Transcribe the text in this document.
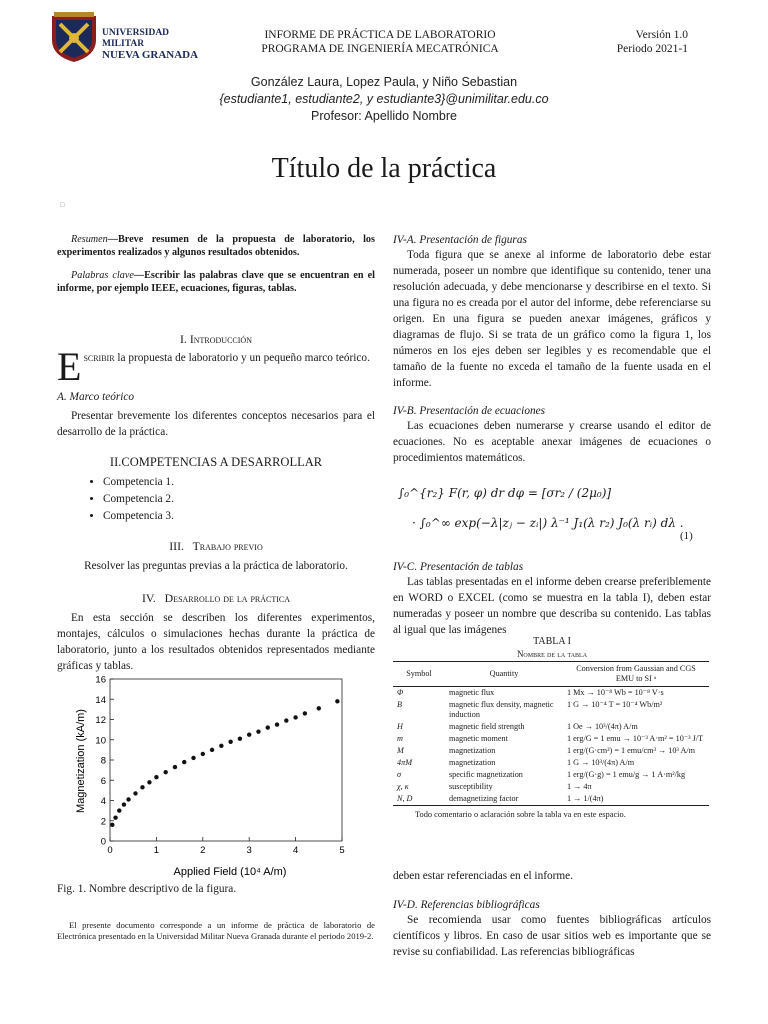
UNIVERSIDAD MILITAR
NUEVA GRANADA
INFORME DE PRÁCTICA DE LABORATORIO
PROGRAMA DE INGENIERÍA MECATRÓNICA
Versión 1.0
Periodo 2021-1
González Laura, Lopez Paula, y Niño Sebastian
{estudiante1, estudiante2, y estudiante3}@unimilitar.edu.co
Profesor: Apellido Nombre
Título de la práctica
□
Resumen—Breve resumen de la propuesta de laboratorio, los experimentos realizados y algunos resultados obtenidos.
Palabras clave—Escribir las palabras clave que se encuentran en el informe, por ejemplo IEEE, ecuaciones, figuras, tablas.
I. Introducción
Escribir la propuesta de laboratorio y un pequeño marco teórico.
A. Marco teórico
Presentar brevemente los diferentes conceptos necesarios para el desarrollo de la práctica.
II.COMPETENCIAS A DESARROLLAR
• Competencia 1.
• Competencia 2.
• Competencia 3.
III.   Trabajo previo
Resolver las preguntas previas a la práctica de laboratorio.
IV.   Desarrollo de la práctica
En esta sección se describen los diferentes experimentos, montajes, cálculos o simulaciones hechas durante la práctica de laboratorio, junto a los resultados obtenidos representados mediante gráficas y tablas.
0	1	2	3	4	5
0
2
4
6
8
10
12
14
16
Magnetization (kA/m)
Applied Field (10⁴ A/m)
Fig. 1. Nombre descriptivo de la figura.
El presente documento corresponde a un informe de práctica de laboratorio de Electrónica presentado en la Universidad Militar Nueva Granada durante el periodo 2019-2.
IV-A. Presentación de figuras
Toda figura que se anexe al informe de laboratorio debe estar numerada, poseer un nombre que identifique su contenido, tener una resolución adecuada, y debe mencionarse y describirse en el texto. Si una figura no es creada por el autor del informe, debe referenciarse su origen. En una figura se pueden anexar imágenes, gráficos y diagramas de flujo. Si se trata de un gráfico como la figura 1, los números en los ejes deben ser legibles y es recomendable que el tamaño de la fuente no exceda el tamaño de la fuente usada en el informe.
IV-B. Presentación de ecuaciones
Las ecuaciones deben numerarse y crearse usando el editor de ecuaciones. No es aceptable anexar imágenes de ecuaciones o procedimientos matemáticos.
∫₀^{r₂} F(r, φ) dr dφ = [σr₂ ∕ (2μ₀)]
· ∫₀^∞ exp(−λ|zⱼ − zᵢ|) λ⁻¹ J₁(λ r₂) J₀(λ rᵢ) dλ .
(1)
IV-C. Presentación de tablas
Las tablas presentadas en el informe deben crearse preferiblemente en WORD o EXCEL (como se muestra en la tabla I), deben estar numeradas y poseer un nombre que describa su contenido. Las tablas al igual que las imágenes
TABLA I
Nombre de la tabla
Symbol	Quantity	Conversion from Gaussian and CGS EMU to SI ᵃ
Φ	magnetic flux	1 Mx → 10⁻⁸ Wb = 10⁻⁸ V·s
B	magnetic flux density, magnetic induction	1 G → 10⁻⁴ T = 10⁻⁴ Wb/m²
H	magnetic field strength	1 Oe → 10³/(4π) A/m
m	magnetic moment	1 erg/G = 1 emu → 10⁻³ A·m² = 10⁻³ J/T
M	magnetization	1 erg/(G·cm³) = 1 emu/cm³ → 10³ A/m
4πM	magnetization	1 G → 10³/(4π) A/m
σ	specific magnetization	1 erg/(G·g) = 1 emu/g → 1 A·m²/kg
χ, κ	susceptibility	1 → 4π
N, D	demagnetizing factor	1 → 1/(4π)
Todo comentario o aclaración sobre la tabla va en este espacio.
deben estar referenciadas en el informe.
IV-D. Referencias bibliográficas
Se recomienda usar como fuentes bibliográficas artículos científicos y libros. En caso de usar sitios web es importante que se revise su confiabilidad. Las referencias bibliográficas
